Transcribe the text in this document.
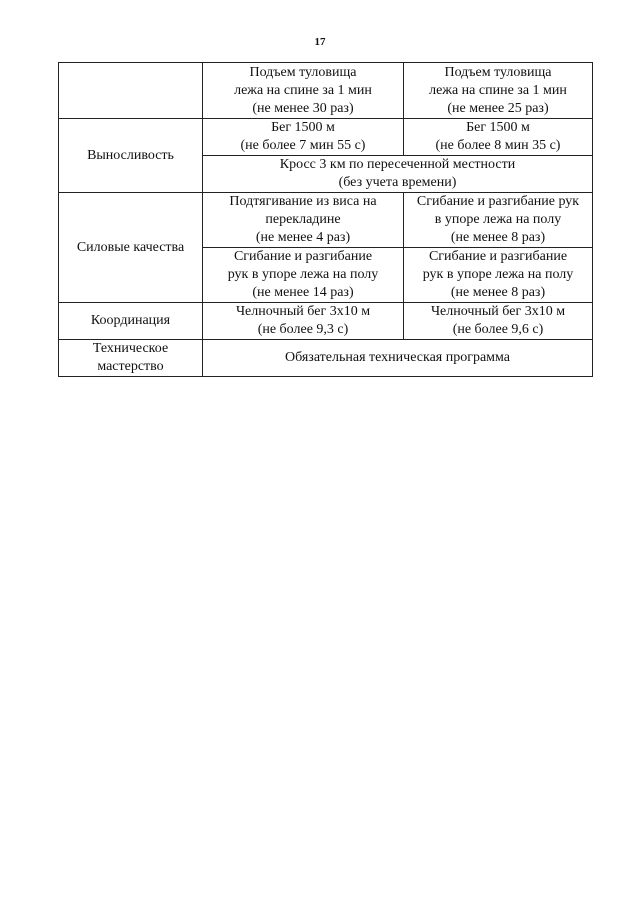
17

	Подъем туловища
лежа на спине за 1 мин
(не менее 30 раз)	Подъем туловища
лежа на спине за 1 мин
(не менее 25 раз)

Выносливость	Бег 1500 м
(не более 7 мин 55 с)	Бег 1500 м
(не более 8 мин 35 с)

	Кросс 3 км по пересеченной местности
(без учета времени)	

Силовые качества	Подтягивание из виса на
перекладине
(не менее 4 раз)	Сгибание и разгибание рук
в упоре лежа на полу
(не менее 8 раз)

	Сгибание и разгибание
рук в упоре лежа на полу
(не менее 14 раз)	Сгибание и разгибание
рук в упоре лежа на полу
(не менее 8 раз)

Координация	Челночный бег 3x10 м
(не более 9,3 с)	Челночный бег 3x10 м
(не более 9,6 с)

Техническое
мастерство	Обязательная техническая программа	
